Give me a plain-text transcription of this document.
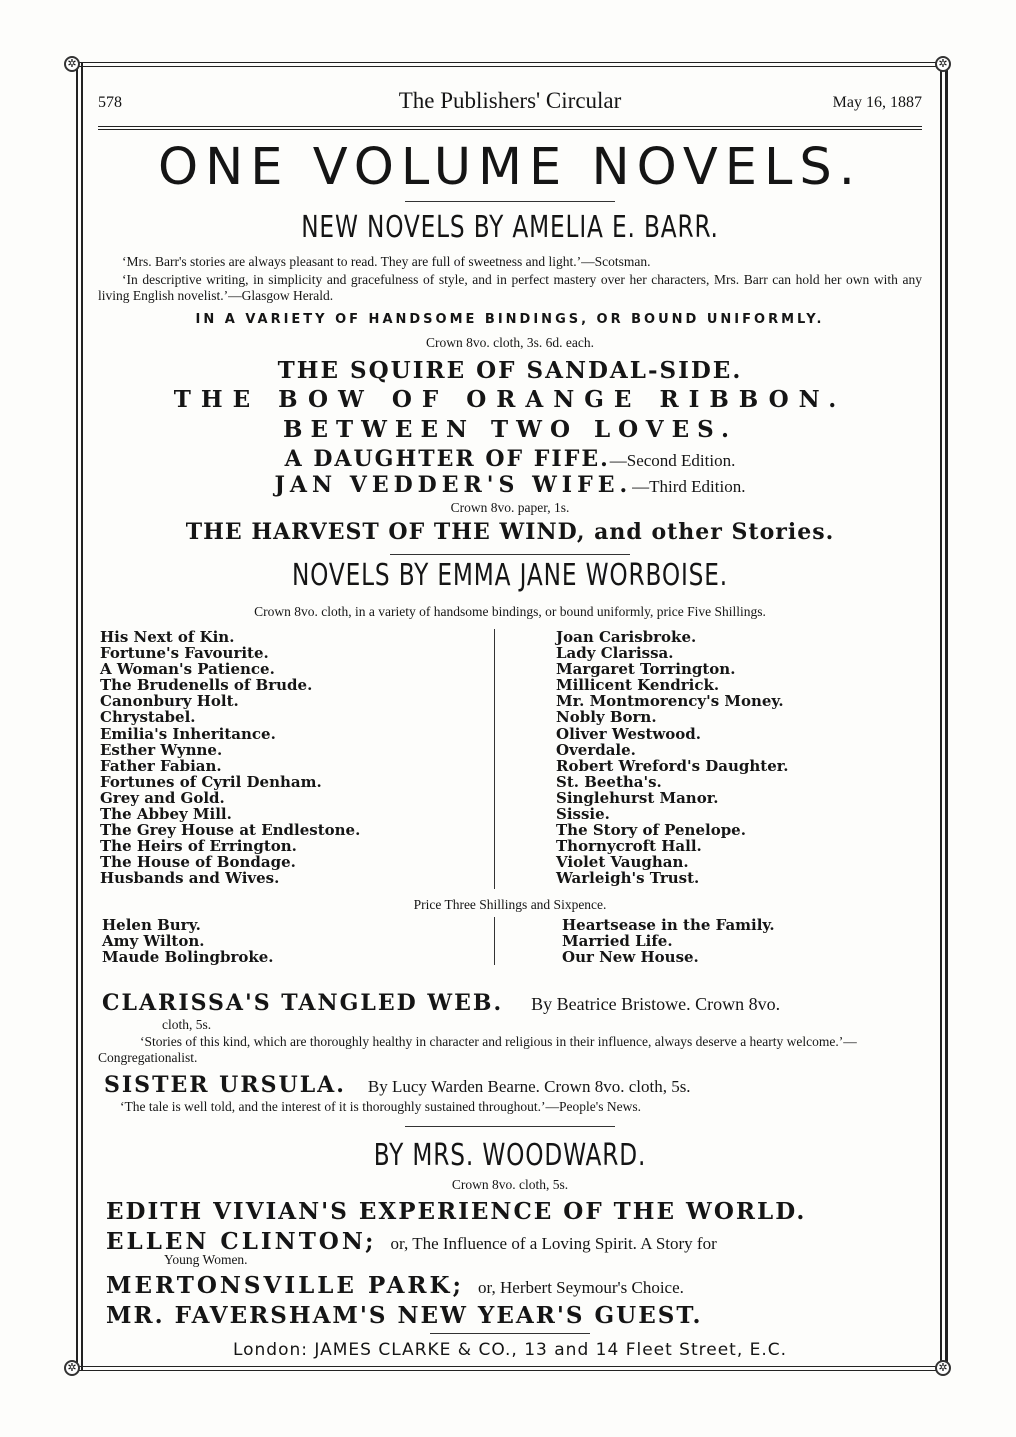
✲	✲
✲	✲
578	The Publishers' Circular	May 16, 1887
ONE VOLUME NOVELS.
NEW NOVELS BY AMELIA E. BARR.
‘Mrs. Barr's stories are always pleasant to read. They are full of sweetness and light.’—Scotsman.
‘In descriptive writing, in simplicity and gracefulness of style, and in perfect mastery over her characters, Mrs. Barr can hold her own with any living English novelist.’—Glasgow Herald.
IN A VARIETY OF HANDSOME BINDINGS, OR BOUND UNIFORMLY.
Crown 8vo. cloth, 3s. 6d. each.
THE SQUIRE OF SANDAL-SIDE.
THE BOW OF ORANGE RIBBON.
BETWEEN TWO LOVES.
A DAUGHTER OF FIFE.—Second Edition.
JAN VEDDER'S WIFE.—Third Edition.
Crown 8vo. paper, 1s.
THE HARVEST OF THE WIND, and other Stories.
NOVELS BY EMMA JANE WORBOISE.
Crown 8vo. cloth, in a variety of handsome bindings, or bound uniformly, price Five Shillings.
His Next of Kin.
Fortune's Favourite.
A Woman's Patience.
The Brudenells of Brude.
Canonbury Holt.
Chrystabel.
Emilia's Inheritance.
Esther Wynne.
Father Fabian.
Fortunes of Cyril Denham.
Grey and Gold.
The Abbey Mill.
The Grey House at Endlestone.
The Heirs of Errington.
The House of Bondage.
Husbands and Wives.
Joan Carisbroke.
Lady Clarissa.
Margaret Torrington.
Millicent Kendrick.
Mr. Montmorency's Money.
Nobly Born.
Oliver Westwood.
Overdale.
Robert Wreford's Daughter.
St. Beetha's.
Singlehurst Manor.
Sissie.
The Story of Penelope.
Thornycroft Hall.
Violet Vaughan.
Warleigh's Trust.
Price Three Shillings and Sixpence.
Helen Bury.
Amy Wilton.
Maude Bolingbroke.
Heartsease in the Family.
Married Life.
Our New House.
CLARISSA'S TANGLED WEB. By Beatrice Bristowe. Crown 8vo.
cloth, 5s.
‘Stories of this kind, which are thoroughly healthy in character and religious in their influence, always deserve a hearty welcome.’—Congregationalist.
SISTER URSULA. By Lucy Warden Bearne. Crown 8vo. cloth, 5s.
‘The tale is well told, and the interest of it is thoroughly sustained throughout.’—People's News.
BY MRS. WOODWARD.
Crown 8vo. cloth, 5s.
EDITH VIVIAN'S EXPERIENCE OF THE WORLD.
ELLEN CLINTON; or, The Influence of a Loving Spirit. A Story for
Young Women.
MERTONSVILLE PARK; or, Herbert Seymour's Choice.
MR. FAVERSHAM'S NEW YEAR'S GUEST.
London: JAMES CLARKE & CO., 13 and 14 Fleet Street, E.C.
